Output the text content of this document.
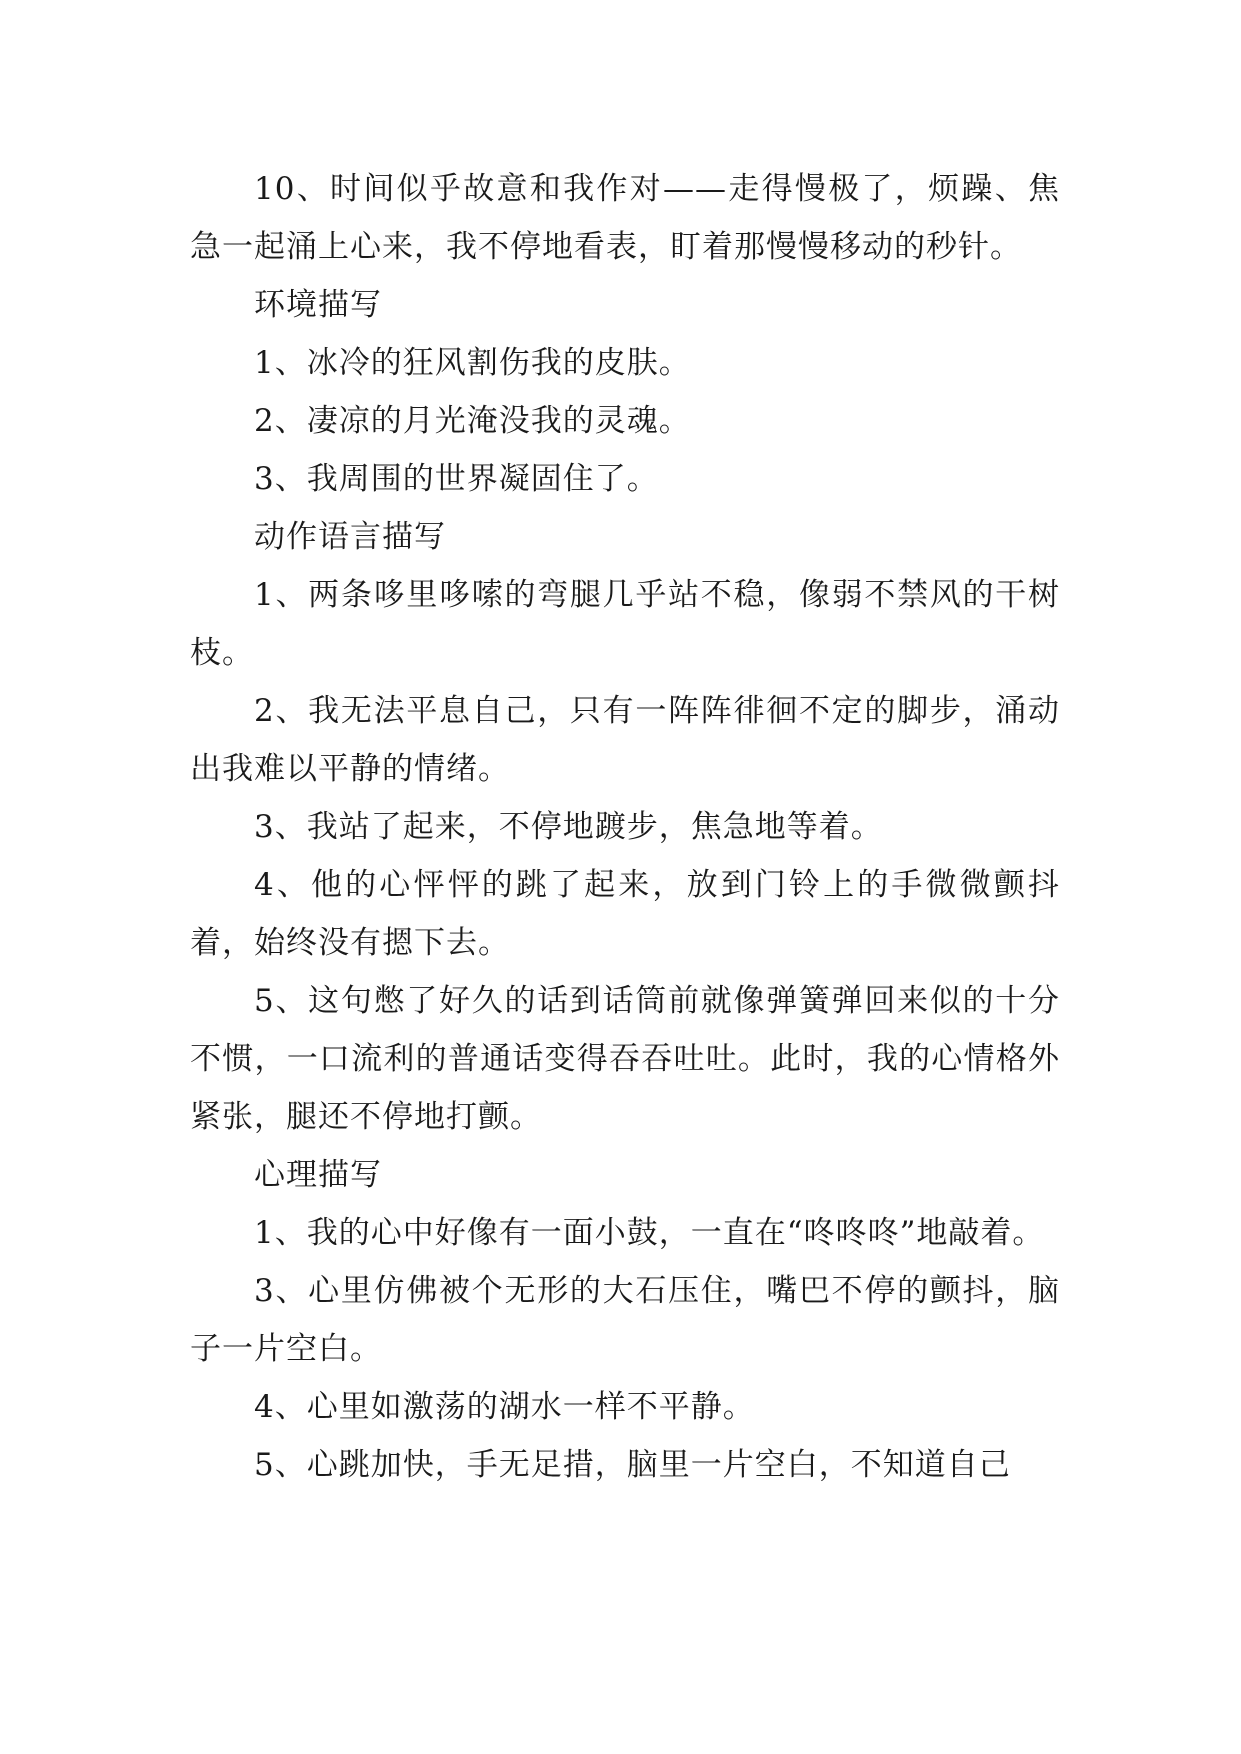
10、时间似乎故意和我作对——走得慢极了，烦躁、焦急一起涌上心来，我不停地看表，盯着那慢慢移动的秒针。

环境描写

1、冰冷的狂风割伤我的皮肤。

2、凄凉的月光淹没我的灵魂。

3、我周围的世界凝固住了。

动作语言描写

1、两条哆里哆嗦的弯腿几乎站不稳，像弱不禁风的干树枝。

2、我无法平息自己，只有一阵阵徘徊不定的脚步，涌动出我难以平静的情绪。

3、我站了起来，不停地踱步，焦急地等着。

4、他的心怦怦的跳了起来，放到门铃上的手微微颤抖着，始终没有摁下去。

5、这句憋了好久的话到话筒前就像弹簧弹回来似的十分不惯，一口流利的普通话变得吞吞吐吐。此时，我的心情格外紧张，腿还不停地打颤。

心理描写

1、我的心中好像有一面小鼓，一直在“咚咚咚”地敲着。

3、心里仿佛被个无形的大石压住，嘴巴不停的颤抖，脑子一片空白。

4、心里如激荡的湖水一样不平静。

5、心跳加快，手无足措，脑里一片空白，不知道自己
